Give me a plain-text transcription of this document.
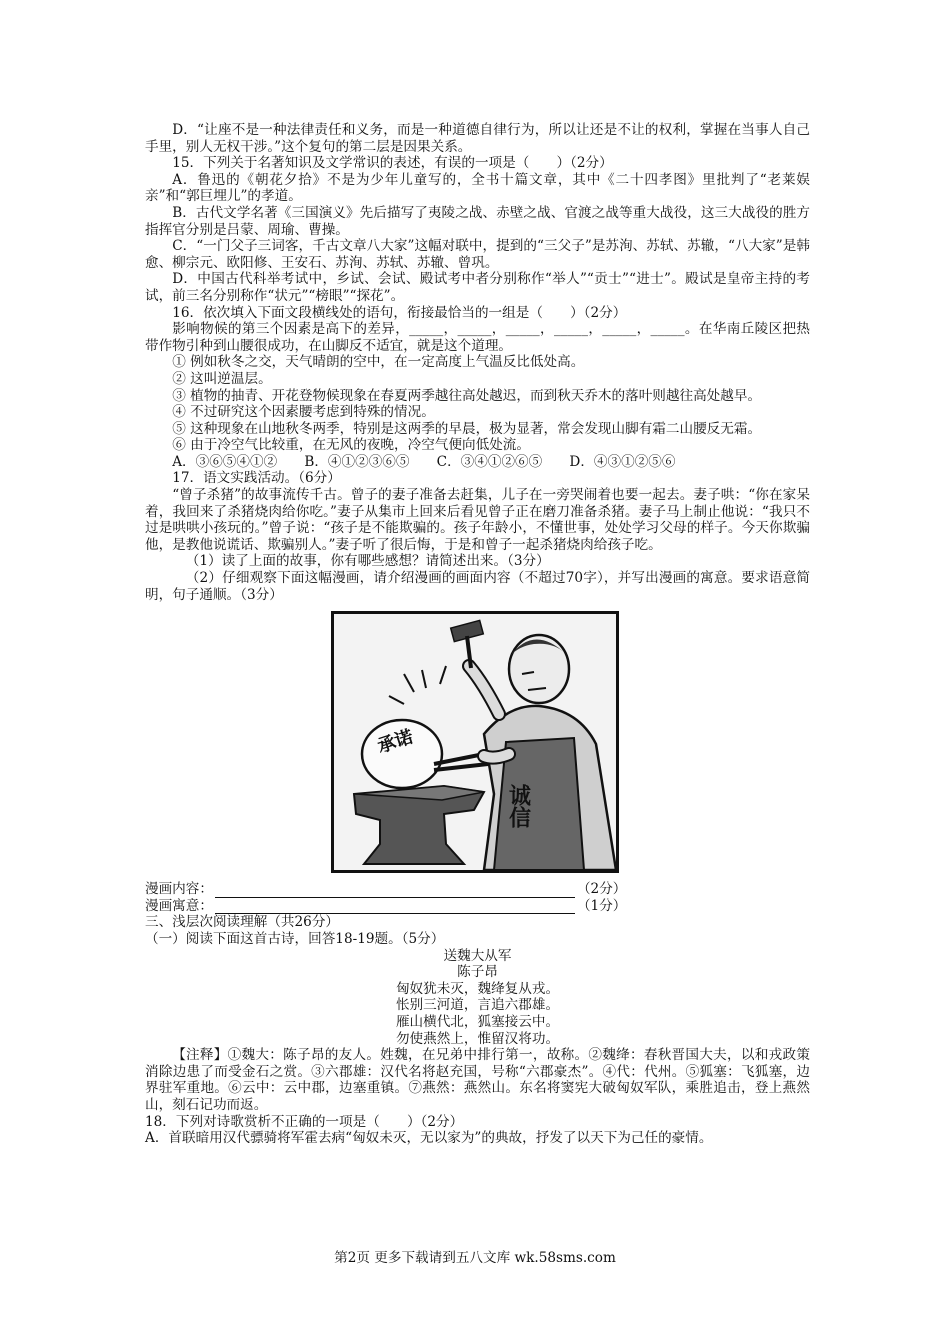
D．“让座不是一种法律责任和义务，而是一种道德自律行为，所以让还是不让的权利，掌握在当事人自己手里，别人无权干涉。”这个复句的第二层是因果关系。

15．下列关于名著知识及文学常识的表述，有误的一项是（　　）（2分）

A．鲁迅的《朝花夕拾》不是为少年儿童写的，全书十篇文章，其中《二十四孝图》里批判了“老莱娱亲”和“郭巨埋儿”的孝道。

B．古代文学名著《三国演义》先后描写了夷陵之战、赤壁之战、官渡之战等重大战役，这三大战役的胜方指挥官分别是吕蒙、周瑜、曹操。

C．“一门父子三词客，千古文章八大家”这幅对联中，提到的“三父子”是苏洵、苏轼、苏辙，“八大家”是韩愈、柳宗元、欧阳修、王安石、苏洵、苏轼、苏辙、曾巩。

D．中国古代科举考试中，乡试、会试、殿试考中者分别称作“举人”“贡士”“进士”。殿试是皇帝主持的考试，前三名分别称作“状元”“榜眼”“探花”。

16．依次填入下面文段横线处的语句，衔接最恰当的一组是（　　）（2分）

影响物候的第三个因素是高下的差异，_____，_____，_____，_____，_____，_____。在华南丘陵区把热带作物引种到山腰很成功，在山脚反不适宜，就是这个道理。

① 例如秋冬之交，天气晴朗的空中，在一定高度上气温反比低处高。

② 这叫逆温层。

③ 植物的抽青、开花登物候现象在春夏两季越往高处越迟，而到秋天乔木的落叶则越往高处越早。

④ 不过研究这个因素腰考虑到特殊的情况。

⑤ 这种现象在山地秋冬两季，特别是这两季的早晨，极为显著，常会发现山脚有霜二山腰反无霜。

⑥ 由于冷空气比较重，在无风的夜晚，冷空气便向低处流。

A．③⑥⑤④①②　　B．④①②③⑥⑤　　C．③④①②⑥⑤　　D．④③①②⑤⑥

17．语文实践活动。（6分）

“曾子杀猪”的故事流传千古。曾子的妻子准备去赶集，儿子在一旁哭闹着也要一起去。妻子哄：“你在家呆着，我回来了杀猪烧肉给你吃。”妻子从集市上回来后看见曾子正在磨刀准备杀猪。妻子马上制止他说：“我只不过是哄哄小孩玩的。”曾子说：“孩子是不能欺骗的。孩子年龄小，不懂世事，处处学习父母的样子。今天你欺骗他，是教他说谎话、欺骗别人。”妻子听了很后悔，于是和曾子一起杀猪烧肉给孩子吃。

（1）读了上面的故事，你有哪些感想？请简述出来。（3分）

（2）仔细观察下面这幅漫画，请介绍漫画的画面内容（不超过70字），并写出漫画的寓意。要求语意简明，句子通顺。（3分）

承诺
诚信
漫画内容：	（2分）
漫画寓意：	（1分）

三、浅层次阅读理解（共26分）

（一）阅读下面这首古诗，回答18-19题。（5分）

送魏大从军

陈子昂

匈奴犹未灭，魏绛复从戎。

怅别三河道，言追六郡雄。

雁山横代北，狐塞接云中。

勿使燕然上，惟留汉将功。

【注释】①魏大：陈子昂的友人。姓魏，在兄弟中排行第一，故称。②魏绛：春秋晋国大夫，以和戎政策消除边患了而受金石之赏。③六郡雄：汉代名将赵充国，号称“六郡豪杰”。④代：代州。⑤狐塞：飞狐塞，边界驻军重地。⑥云中：云中郡，边塞重镇。⑦燕然：燕然山。东名将窦宪大破匈奴军队，乘胜追击，登上燕然山，刻石记功而返。

18．下列对诗歌赏析不正确的一项是（　　）（2分）

A．首联暗用汉代骠骑将军霍去病“匈奴未灭，无以家为”的典故，抒发了以天下为己任的豪情。

第2页 更多下载请到五八文库 wk.58sms.com
